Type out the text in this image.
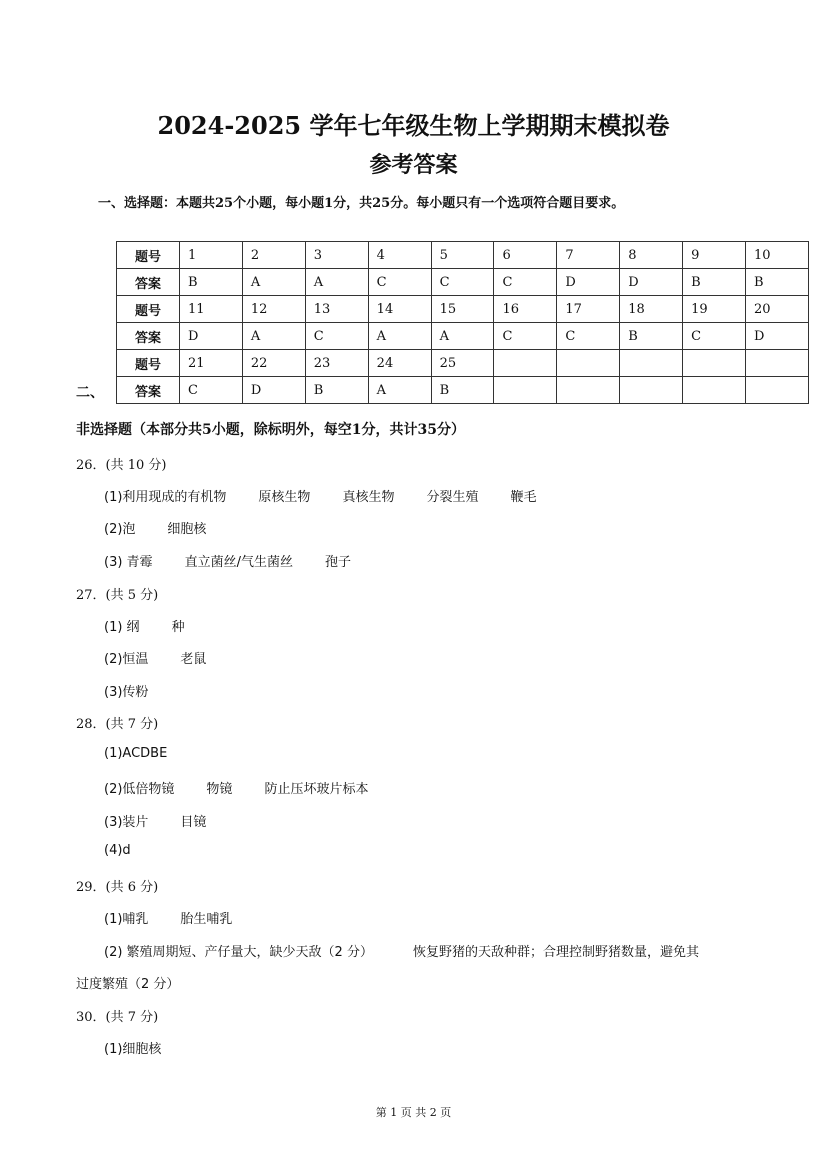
2024-2025 学年七年级生物上学期期末模拟卷
参考答案
一、选择题：本题共25个小题，每小题1分，共25分。每小题只有一个选项符合题目要求。
题号	1	2	3	4	5	6	7	8	9	10
答案	B	A	A	C	C	C	D	D	B	B
题号	11	12	13	14	15	16	17	18	19	20
答案	D	A	C	A	A	C	C	B	C	D
题号	21	22	23	24	25					
答案	C	D	B	A	B					
二、
非选择题（本部分共5小题，除标明外，每空1分，共计35分）
26．(共 10 分)
(1)利用现成的有机物 原核生物 真核生物 分裂生殖 鞭毛
(2)泡 细胞核
(3) 青霉 直立菌丝/气生菌丝 孢子
27．(共 5 分)
(1) 纲 种
(2)恒温 老鼠
(3)传粉
28．(共 7 分)
(1)ACDBE
(2)低倍物镜 物镜 防止压坏玻片标本
(3)装片 目镜
(4)d
29．(共 6 分)
(1)哺乳 胎生哺乳
(2) 繁殖周期短、产仔量大，缺少天敌（2 分）	恢复野猪的天敌种群；合理控制野猪数量，避免其
过度繁殖（2 分）
30．(共 7 分)
(1)细胞核
第 1 页 共 2 页
